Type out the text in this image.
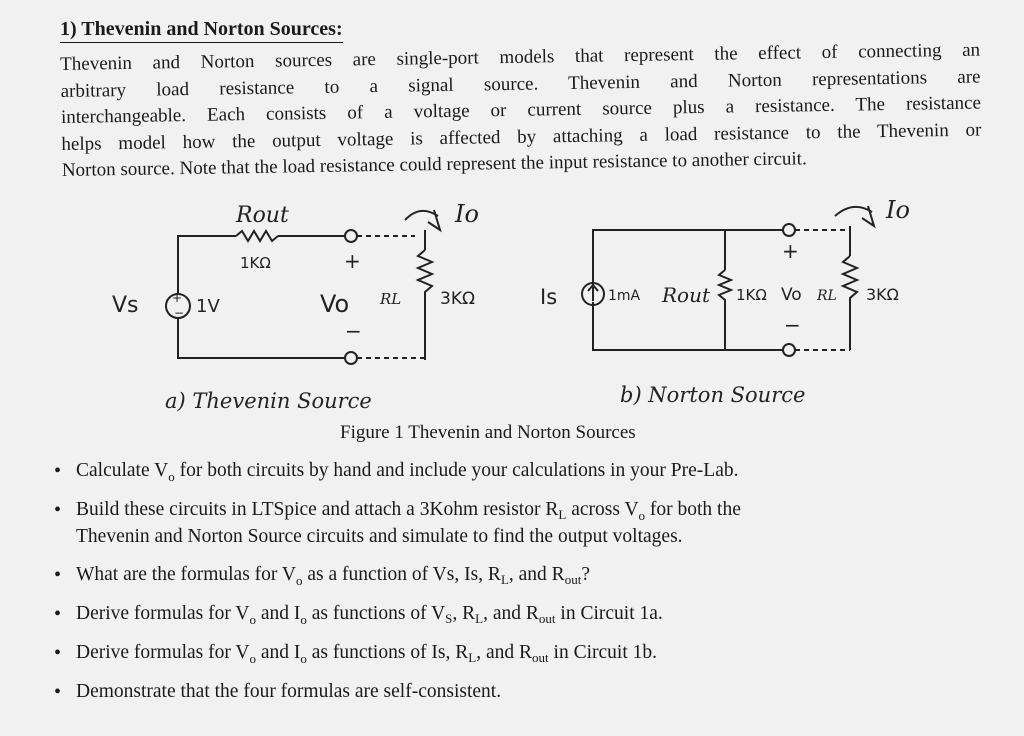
1) Thevenin and Norton Sources:
Thevenin and Norton sources are single-port models that represent the effect of connecting an
arbitrary load resistance to a signal source. Thevenin and Norton representations are
interchangeable. Each consists of a voltage or current source plus a resistance. The resistance
helps model how the output voltage is affected by attaching a load resistance to the Thevenin or
Norton source. Note that the load resistance could represent the input resistance to another circuit.
+
−
Rout
1KΩ	+
−
Vs	1V	Vo RL 3KΩ
Io
a) Thevenin Source
+
−
Is	1mA Rout 1KΩ Vo RL 3KΩ
Io
b) Norton Source
Figure 1 Thevenin and Norton Sources
• Calculate $V_o$ for both circuits by hand and include your calculations in your Pre-Lab.
• Build these circuits in LTSpice and attach a 3Kohm resistor $R_L$ across $V_o$ for both the
Thevenin and Norton Source circuits and simulate to find the output voltages.
• What are the formulas for $V_o$ as a function of Vs, Is, $R_L$, and $R_{out}$?
• Derive formulas for $V_o$ and $I_o$ as functions of $V_S$, $R_L$, and $R_{out}$ in Circuit 1a.
• Derive formulas for $V_o$ and $I_o$ as functions of Is, $R_L$, and $R_{out}$ in Circuit 1b.
• Demonstrate that the four formulas are self-consistent.
